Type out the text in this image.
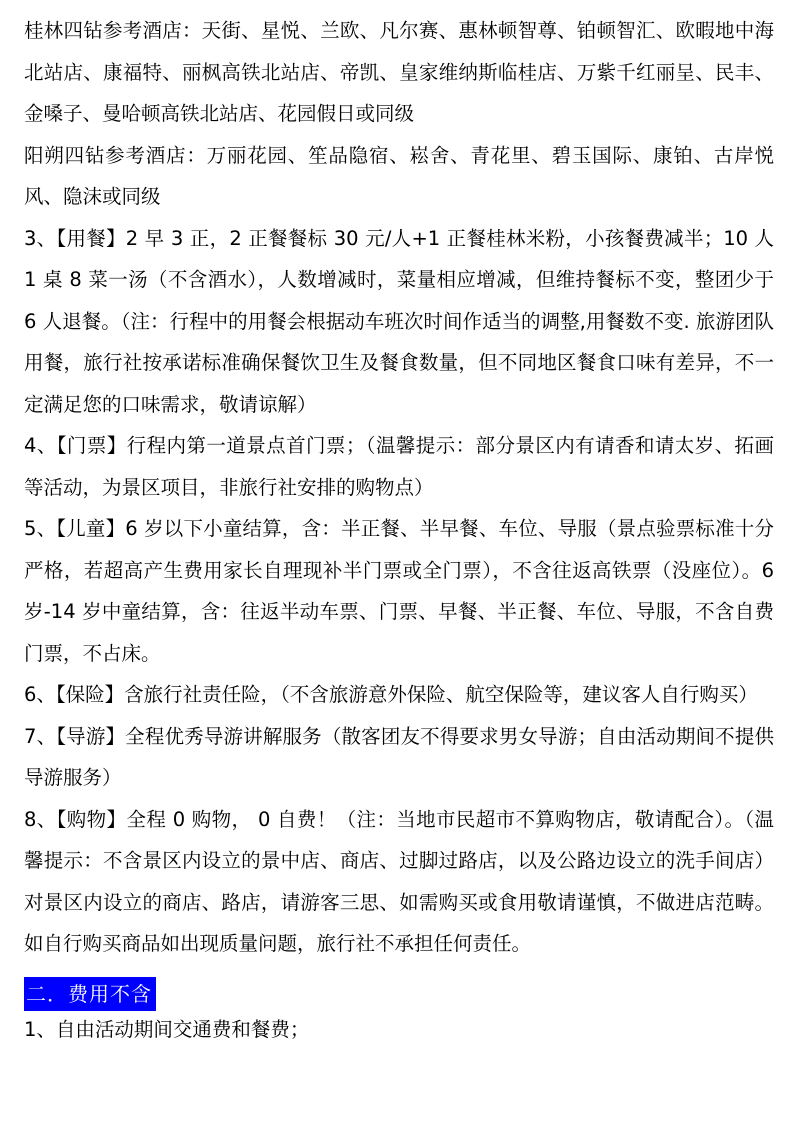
桂林四钻参考酒店：天街、星悦、兰欧、凡尔赛、惠林顿智尊、铂顿智汇、欧暇地中海北站店、康福特、丽枫高铁北站店、帝凯、皇家维纳斯临桂店、万紫千红丽呈、民丰、金嗓子、曼哈顿高铁北站店、花园假日或同级

阳朔四钻参考酒店：万丽花园、笙品隐宿、崧舍、青花里、碧玉国际、康铂、古岸悦风、隐沫或同级

3、【用餐】2 早 3 正，2 正餐餐标 30 元/人+1 正餐桂林米粉，小孩餐费减半；10 人 1 桌 8 菜一汤（不含酒水），人数增减时，菜量相应增减，但维持餐标不变，整团少于 6 人退餐。（注：行程中的用餐会根据动车班次时间作适当的调整,用餐数不变. 旅游团队用餐，旅行社按承诺标准确保餐饮卫生及餐食数量，但不同地区餐食口味有差异，不一定满足您的口味需求，敬请谅解）

4、【门票】行程内第一道景点首门票；（温馨提示：部分景区内有请香和请太岁、拓画等活动，为景区项目，非旅行社安排的购物点）

5、【儿童】6 岁以下小童结算，含：半正餐、半早餐、车位、导服（景点验票标准十分严格，若超高产生费用家长自理现补半门票或全门票），不含往返高铁票（没座位）。6 岁-14 岁中童结算，含：往返半动车票、门票、早餐、半正餐、车位、导服，不含自费门票，不占床。

6、【保险】含旅行社责任险，（不含旅游意外保险、航空保险等，建议客人自行购买）

7、【导游】全程优秀导游讲解服务（散客团友不得要求男女导游；自由活动期间不提供导游服务）

8、【购物】全程 0 购物， 0 自费！（注：当地市民超市不算购物店，敬请配合）。（温馨提示：不含景区内设立的景中店、商店、过脚过路店，以及公路边设立的洗手间店）对景区内设立的商店、路店，请游客三思、如需购买或食用敬请谨慎，不做进店范畴。如自行购买商品如出现质量问题，旅行社不承担任何责任。

二．费用不含

1、自由活动期间交通费和餐费；
